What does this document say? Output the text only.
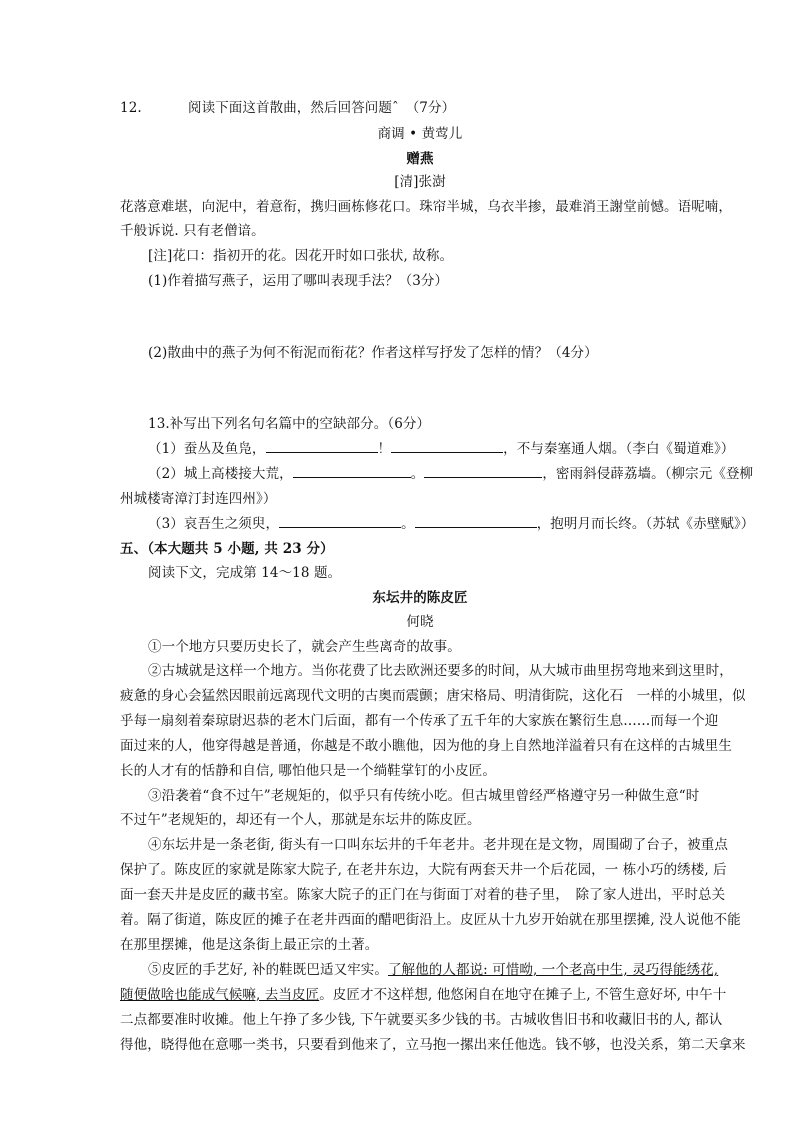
12.	阅读下面这首散曲，然后回答问题ˆ　（7分）
商调 • 黄莺儿
赠燕
[清]张澍
花落意难堪，向泥中，着意衔，携归画栋修花口。珠帘半城，乌衣半掺，最难消王謝堂前憾。语呢喃，
千般诉说. 只有老僧谙。
[注]花口：指初开的花。因花开时如口张状, 故称。
(1)作着描写燕子，运用了哪叫表现手法？（3分）
(2)散曲中的燕子为何不衔泥而衔花？作者这样写抒发了怎样的情？（4分）
13.补写出下列名句名篇中的空缺部分。（6分）
（1）蚕丛及鱼凫，	！	，不与秦塞通人烟。（李白《蜀道难》）
（2）城上高楼接大荒，	。	，密雨斜侵薜荔墙。（柳宗元《登柳
州城楼寄漳汀封连四州》）
（3）哀吾生之须臾，	。	，抱明月而长终。（苏轼《赤壁赋》）
五、（本大题共 5 小题, 共 23 分）
阅读下文，完成第 14～18 题。
东坛井的陈皮匠
何晓
①一个地方只要历史长了，就会产生些离奇的故事。
②古城就是这样一个地方。当你花费了比去欧洲还要多的时间，从大城市曲里拐弯地来到这里时，
疲惫的身心会猛然因眼前远离现代文明的古奥而震颤；唐宋格局、明清街院，这化石　一样的小城里，似
乎每一扇刻着秦琼尉迟恭的老木门后面，都有一个传承了五千年的大家族在繁衍生息……而每一个迎
面过来的人，他穿得越是普通，你越是不敢小瞧他，因为他的身上自然地洋溢着只有在这样的古城里生
长的人才有的恬静和自信, 哪怕他只是一个绱鞋掌钉的小皮匠。
③沿袭着“食不过午”老规矩的，似乎只有传统小吃。但古城里曾经严格遵守另一种做生意“时
不过午”老规矩的，却还有一个人，那就是东坛井的陈皮匠。
④东坛井是一条老街, 街头有一口叫东坛井的千年老井。老井现在是文物，周围砌了台子，被重点
保护了。陈皮匠的家就是陈家大院子, 在老井东边，大院有两套天井一个后花园，一 栋小巧的绣楼, 后
面一套天井是皮匠的藏书室。陈家大院子的正门在与街面丁对着的巷子里，　除了家人进出，平时总关
着。隔了街道，陈皮匠的摊子在老井西面的醋吧街沿上。皮匠从十九岁开始就在那里摆摊, 没人说他不能
在那里摆摊，他是这条街上最正宗的土著。
⑤皮匠的手艺好, 补的鞋既巴适又牢实。了解他的人都说: 可惜呦, 一个老高中生, 灵巧得能绣花,
随便做啥也能成气候嘛, 去当皮匠。皮匠才不这样想, 他悠闲自在地守在摊子上, 不管生意好坏, 中午十
二点都要准时收摊。他上午挣了多少钱, 下午就要买多少钱的书。古城收售旧书和收藏旧书的人, 都认
得他，晓得他在意哪一类书，只要看到他来了，立马抱一摞出来任他选。钱不够，也没关系，第二天拿来
